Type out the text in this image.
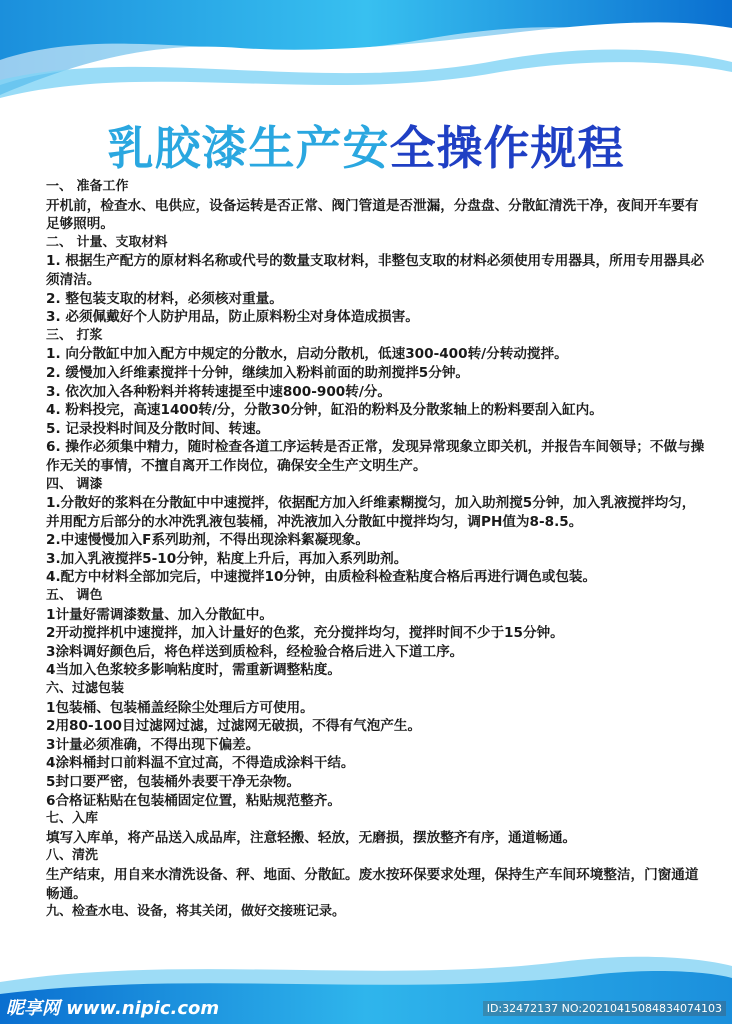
乳胶漆生产安全操作规程
一、 准备工作
开机前，检查水、电供应，设备运转是否正常、阀门管道是否泄漏，分盘盘、分散缸清洗干净，夜间开车要有足够照明。
二、 计量、支取材料
1. 根据生产配方的原材料名称或代号的数量支取材料，非整包支取的材料必须使用专用器具，所用专用器具必须清洁。
2. 整包装支取的材料，必须核对重量。
3. 必须佩戴好个人防护用品，防止原料粉尘对身体造成损害。
三、 打浆
1. 向分散缸中加入配方中规定的分散水，启动分散机，低速300-400转/分转动搅拌。
2. 缓慢加入纤维素搅拌十分钟，继续加入粉料前面的助剂搅拌5分钟。
3. 依次加入各种粉料并将转速提至中速800-900转/分。
4. 粉料投完，高速1400转/分，分散30分钟，缸沿的粉料及分散浆轴上的粉料要刮入缸内。
5. 记录投料时间及分散时间、转速。
6. 操作必须集中精力，随时检查各道工序运转是否正常，发现异常现象立即关机，并报告车间领导；不做与操作无关的事情，不擅自离开工作岗位，确保安全生产文明生产。
四、 调漆
1.分散好的浆料在分散缸中中速搅拌，依据配方加入纤维素糊搅匀，加入助剂搅5分钟，加入乳液搅拌均匀，并用配方后部分的水冲洗乳液包装桶，冲洗液加入分散缸中搅拌均匀，调PH值为8-8.5。
2.中速慢慢加入F系列助剂，不得出现涂料絮凝现象。
3.加入乳液搅拌5-10分钟，粘度上升后，再加入系列助剂。
4.配方中材料全部加完后，中速搅拌10分钟，由质检科检查粘度合格后再进行调色或包装。
五、 调色
1计量好需调漆数量、加入分散缸中。
2开动搅拌机中速搅拌，加入计量好的色浆，充分搅拌均匀，搅拌时间不少于15分钟。
3涂料调好颜色后，将色样送到质检科，经检验合格后进入下道工序。
4当加入色浆较多影响粘度时，需重新调整粘度。
六、过滤包装
1包装桶、包装桶盖经除尘处理后方可使用。
2用80-100目过滤网过滤，过滤网无破损，不得有气泡产生。
3计量必须准确，不得出现下偏差。
4涂料桶封口前料温不宜过高，不得造成涂料干结。
5封口要严密，包装桶外表要干净无杂物。
6合格证粘贴在包装桶固定位置，粘贴规范整齐。
七、入库
填写入库单，将产品送入成品库，注意轻搬、轻放，无磨损，摆放整齐有序，通道畅通。
八、清洗
生产结束，用自来水清洗设备、秤、地面、分散缸。废水按环保要求处理，保持生产车间环境整洁，门窗通道畅通。
九、检查水电、设备，将其关闭，做好交接班记录。
昵享网 www.nipic.com	ID:32472137 NO:20210415084834074103
